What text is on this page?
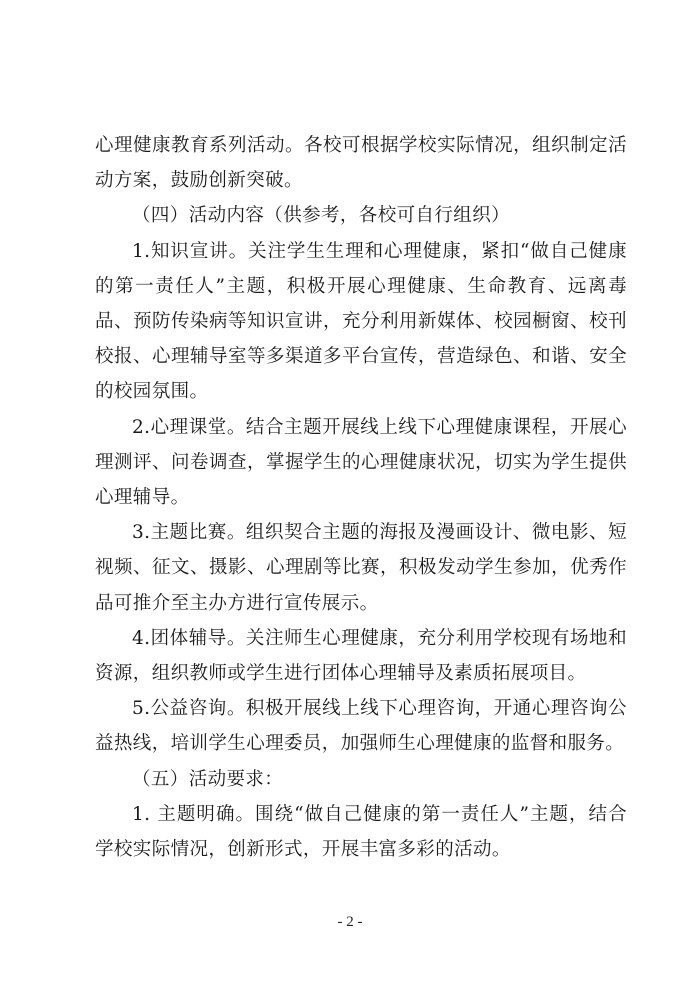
心理健康教育系列活动。各校可根据学校实际情况，组织制定活动方案，鼓励创新突破。

（四）活动内容（供参考，各校可自行组织）

1.知识宣讲。关注学生生理和心理健康，紧扣“做自己健康的第一责任人”主题，积极开展心理健康、生命教育、远离毒品、预防传染病等知识宣讲，充分利用新媒体、校园橱窗、校刊校报、心理辅导室等多渠道多平台宣传，营造绿色、和谐、安全的校园氛围。

2.心理课堂。结合主题开展线上线下心理健康课程，开展心理测评、问卷调查，掌握学生的心理健康状况，切实为学生提供心理辅导。

3.主题比赛。组织契合主题的海报及漫画设计、微电影、短视频、征文、摄影、心理剧等比赛，积极发动学生参加，优秀作品可推介至主办方进行宣传展示。

4.团体辅导。关注师生心理健康，充分利用学校现有场地和资源，组织教师或学生进行团体心理辅导及素质拓展项目。

5.公益咨询。积极开展线上线下心理咨询，开通心理咨询公益热线，培训学生心理委员，加强师生心理健康的监督和服务。

（五）活动要求：

1. 主题明确。围绕“做自己健康的第一责任人”主题，结合学校实际情况，创新形式，开展丰富多彩的活动。

- 2 -
